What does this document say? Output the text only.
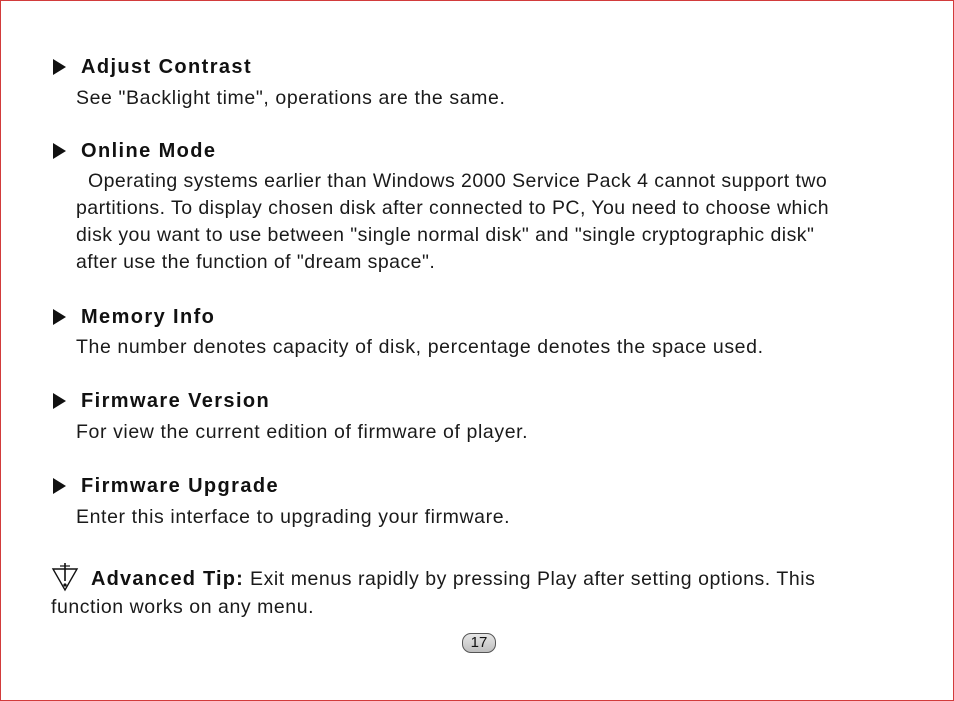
Adjust Contrast
See "Backlight time", operations are the same.
Online Mode
Operating systems earlier than Windows 2000 Service Pack 4 cannot support two
partitions. To display chosen disk after connected to PC, You need to choose which
disk you want to use between "single normal disk" and "single cryptographic disk"
after use the function of "dream space".
Memory Info
The number denotes capacity of disk, percentage denotes the space used.
Firmware Version
For view the current edition of firmware of player.
Firmware Upgrade
Enter this interface to upgrading your firmware.
Advanced Tip: Exit menus rapidly by pressing Play after setting options. This
function works on any menu.
17
